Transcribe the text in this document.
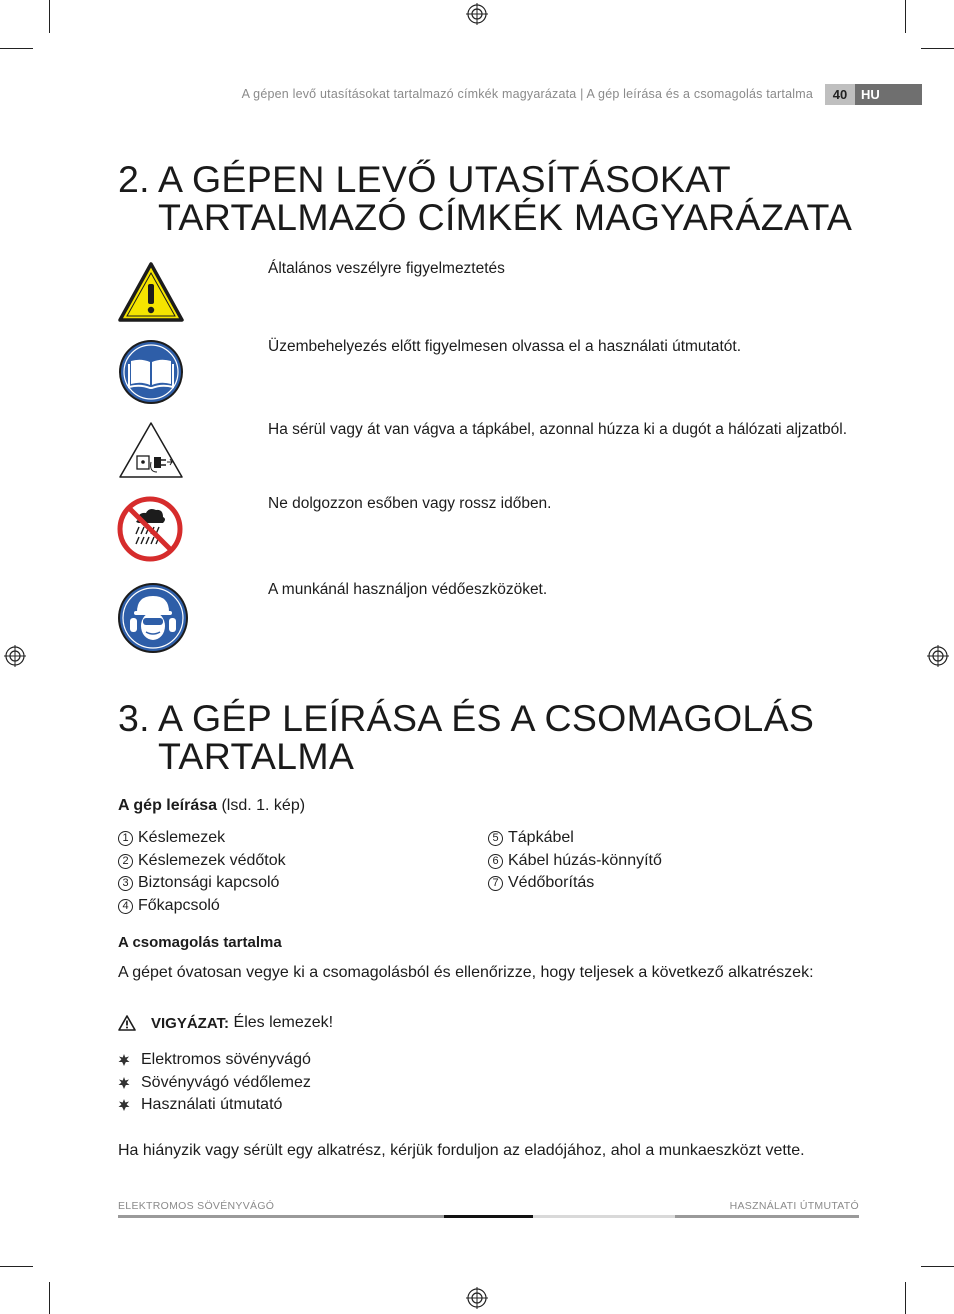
A gépen levő utasításokat tartalmazó címkék magyarázata | A gép leírása és a csomagolás tartalma	40	HU
2. A GÉPEN LEVŐ UTASÍTÁSOKAT
TARTALMAZÓ CÍMKÉK MAGYARÁZATA
Általános veszélyre figyelmeztetés
Üzembehelyezés előtt figyelmesen olvassa el a használati útmutatót.
Ha sérül vagy át van vágva a tápkábel, azonnal húzza ki a dugót a hálózati aljzatból.
Ne dolgozzon esőben vagy rossz időben.
A munkánál használjon védőeszközöket.
3. A GÉP LEÍRÁSA ÉS A CSOMAGOLÁS
TARTALMA
A gép leírása (lsd. 1. kép)
1 Késlemezek
2 Késlemezek védőtok
3 Biztonsági kapcsoló
4 Főkapcsoló
5 Tápkábel
6 Kábel húzás-könnyítő
7 Védőborítás
A csomagolás tartalma
A gépet óvatosan vegye ki a csomagolásból és ellenőrizze, hogy teljesek a következő alkatrészek:
VIGYÁZAT:
Éles lemezek!
Elektromos sövényvágó
Sövényvágó védőlemez
Használati útmutató
Ha hiányzik vagy sérült egy alkatrész, kérjük forduljon az eladójához, ahol a munkaeszközt vette.
ELEKTROMOS SÖVÉNYVÁGÓ	HASZNÁLATI ÚTMUTATÓ
